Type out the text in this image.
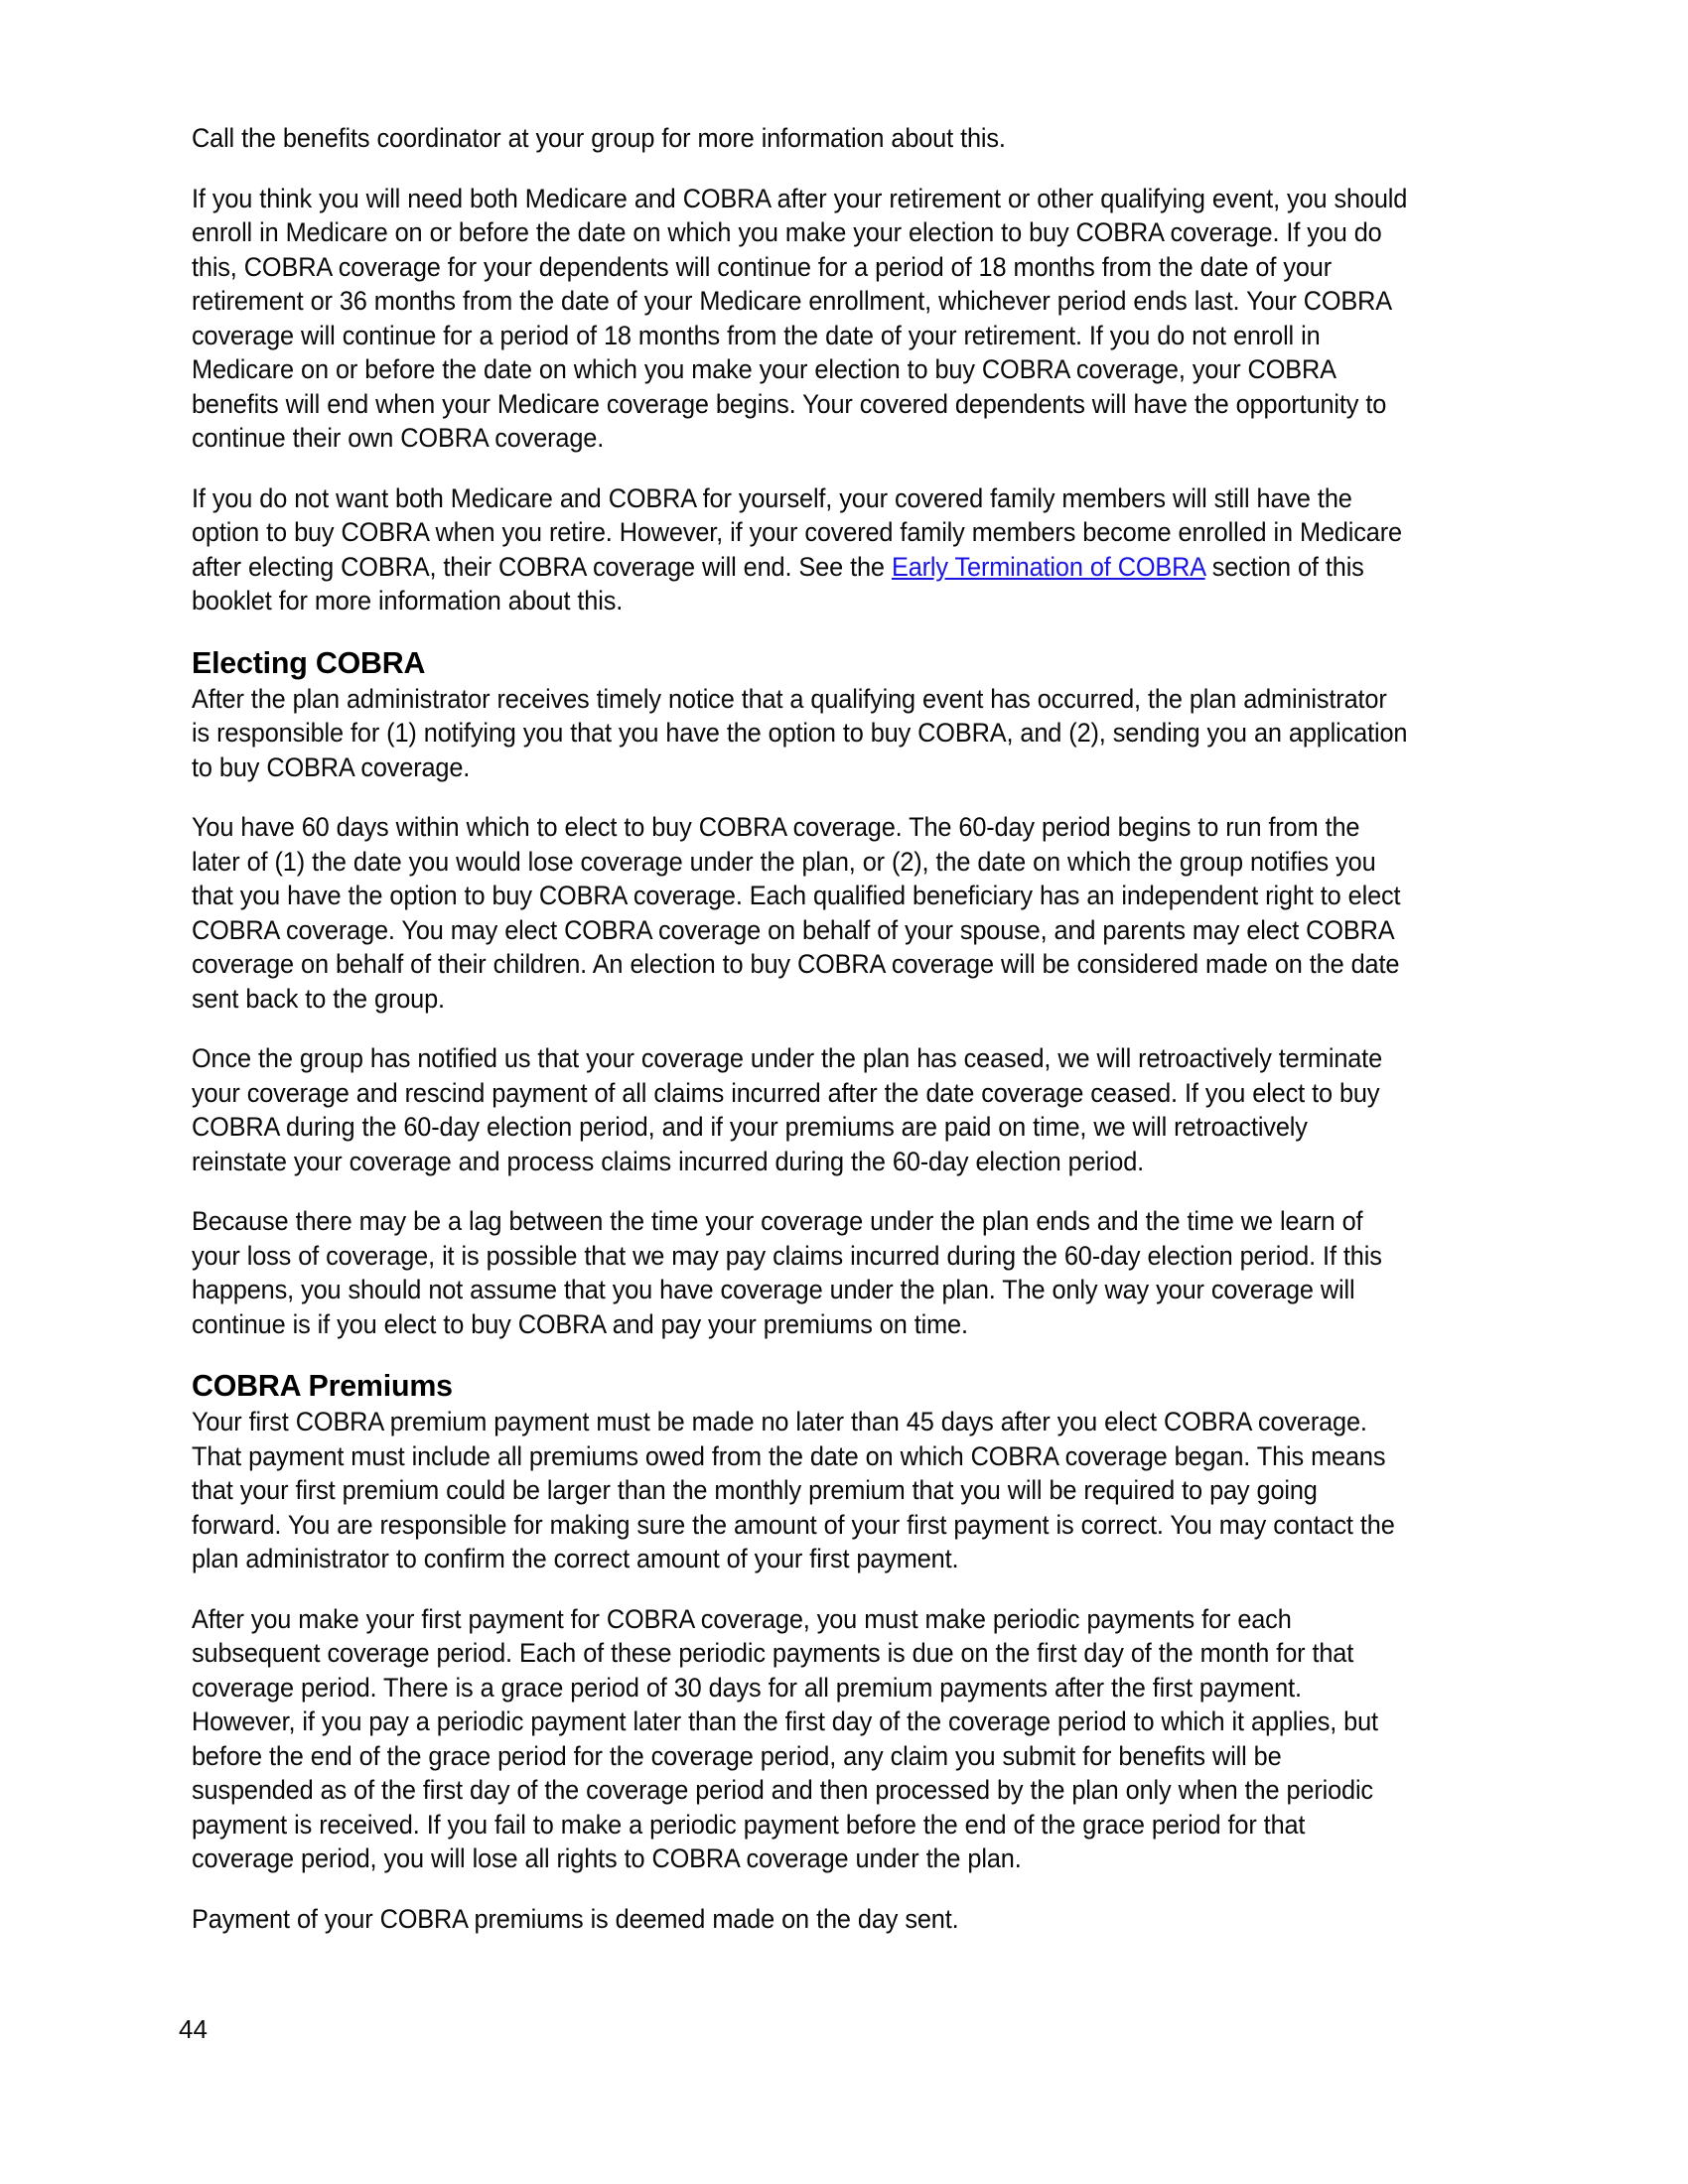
Call the benefits coordinator at your group for more information about this.

If you think you will need both Medicare and COBRA after your retirement or other qualifying event, you should enroll in Medicare on or before the date on which you make your election to buy COBRA coverage. If you do this, COBRA coverage for your dependents will continue for a period of 18 months from the date of your retirement or 36 months from the date of your Medicare enrollment, whichever period ends last. Your COBRA coverage will continue for a period of 18 months from the date of your retirement. If you do not enroll in Medicare on or before the date on which you make your election to buy COBRA coverage, your COBRA benefits will end when your Medicare coverage begins. Your covered dependents will have the opportunity to continue their own COBRA coverage.

If you do not want both Medicare and COBRA for yourself, your covered family members will still have the option to buy COBRA when you retire. However, if your covered family members become enrolled in Medicare after electing COBRA, their COBRA coverage will end. See the Early Termination of COBRA section of this booklet for more information about this.

Electing COBRA

After the plan administrator receives timely notice that a qualifying event has occurred, the plan administrator is responsible for (1) notifying you that you have the option to buy COBRA, and (2), sending you an application to buy COBRA coverage.

You have 60 days within which to elect to buy COBRA coverage. The 60-day period begins to run from the later of (1) the date you would lose coverage under the plan, or (2), the date on which the group notifies you that you have the option to buy COBRA coverage. Each qualified beneficiary has an independent right to elect COBRA coverage. You may elect COBRA coverage on behalf of your spouse, and parents may elect COBRA coverage on behalf of their children. An election to buy COBRA coverage will be considered made on the date sent back to the group.

Once the group has notified us that your coverage under the plan has ceased, we will retroactively terminate your coverage and rescind payment of all claims incurred after the date coverage ceased. If you elect to buy COBRA during the 60-day election period, and if your premiums are paid on time, we will retroactively reinstate your coverage and process claims incurred during the 60-day election period.

Because there may be a lag between the time your coverage under the plan ends and the time we learn of your loss of coverage, it is possible that we may pay claims incurred during the 60-day election period. If this happens, you should not assume that you have coverage under the plan. The only way your coverage will continue is if you elect to buy COBRA and pay your premiums on time.

COBRA Premiums

Your first COBRA premium payment must be made no later than 45 days after you elect COBRA coverage. That payment must include all premiums owed from the date on which COBRA coverage began. This means that your first premium could be larger than the monthly premium that you will be required to pay going forward. You are responsible for making sure the amount of your first payment is correct. You may contact the plan administrator to confirm the correct amount of your first payment.

After you make your first payment for COBRA coverage, you must make periodic payments for each subsequent coverage period. Each of these periodic payments is due on the first day of the month for that coverage period. There is a grace period of 30 days for all premium payments after the first payment. However, if you pay a periodic payment later than the first day of the coverage period to which it applies, but before the end of the grace period for the coverage period, any claim you submit for benefits will be suspended as of the first day of the coverage period and then processed by the plan only when the periodic payment is received. If you fail to make a periodic payment before the end of the grace period for that coverage period, you will lose all rights to COBRA coverage under the plan.

Payment of your COBRA premiums is deemed made on the day sent.

44
